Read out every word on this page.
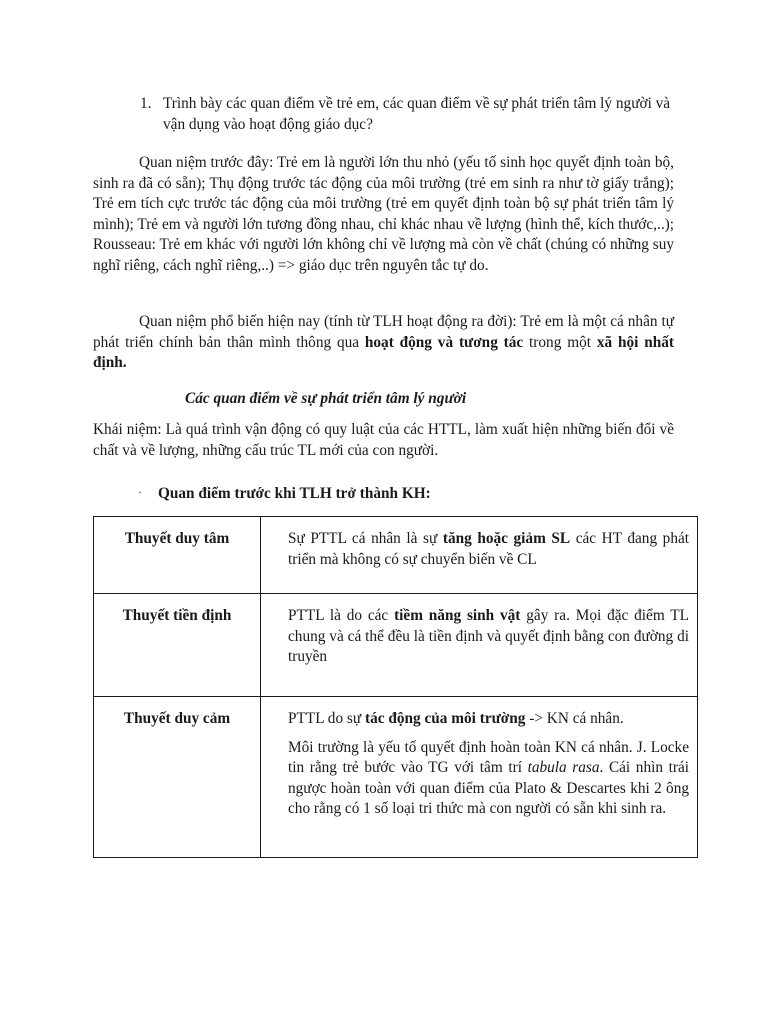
1. Trình bày các quan điểm về trẻ em, các quan điểm về sự phát triển tâm lý người và vận dụng vào hoạt động giáo dục?

Quan niệm trước đây: Trẻ em là người lớn thu nhỏ (yếu tố sinh học quyết định toàn bộ, sinh ra đã có sẵn); Thụ động trước tác động của môi trường (trẻ em sinh ra như tờ giấy trắng); Trẻ em tích cực trước tác động của môi trường (trẻ em quyết định toàn bộ sự phát triển tâm lý mình); Trẻ em và người lớn tương đồng nhau, chỉ khác nhau về lượng (hình thể, kích thước,..); Rousseau: Trẻ em khác với người lớn không chỉ về lượng mà còn về chất (chúng có những suy nghĩ riêng, cách nghĩ riêng,..) => giáo dục trên nguyên tắc tự do.

Quan niệm phổ biến hiện nay (tính từ TLH hoạt động ra đời): Trẻ em là một cá nhân tự phát triển chính bản thân mình thông qua hoạt động và tương tác trong một xã hội nhất định.

Các quan điểm về sự phát triển tâm lý người

Khái niệm: Là quá trình vận động có quy luật của các HTTL, làm xuất hiện những biến đổi về chất và về lượng, những cấu trúc TL mới của con người.

· Quan điểm trước khi TLH trở thành KH:
Thuyết duy tâm	Sự PTTL cá nhân là sự tăng hoặc giảm SL các HT đang phát triển mà không có sự chuyển biến về CL
Thuyết tiền định	PTTL là do các tiềm năng sinh vật gây ra. Mọi đặc điểm TL chung và cá thể đều là tiền định và quyết định bằng con đường di truyền
Thuyết duy cảm	PTTL do sự tác động của môi trường -> KN cá nhân.

Môi trường là yếu tố quyết định hoàn toàn KN cá nhân. J. Locke tin rằng trẻ bước vào TG với tâm trí tabula rasa. Cái nhìn trái ngược hoàn toàn với quan điểm của Plato & Descartes khi 2 ông cho rằng có 1 số loại tri thức mà con người có sẵn khi sinh ra.
